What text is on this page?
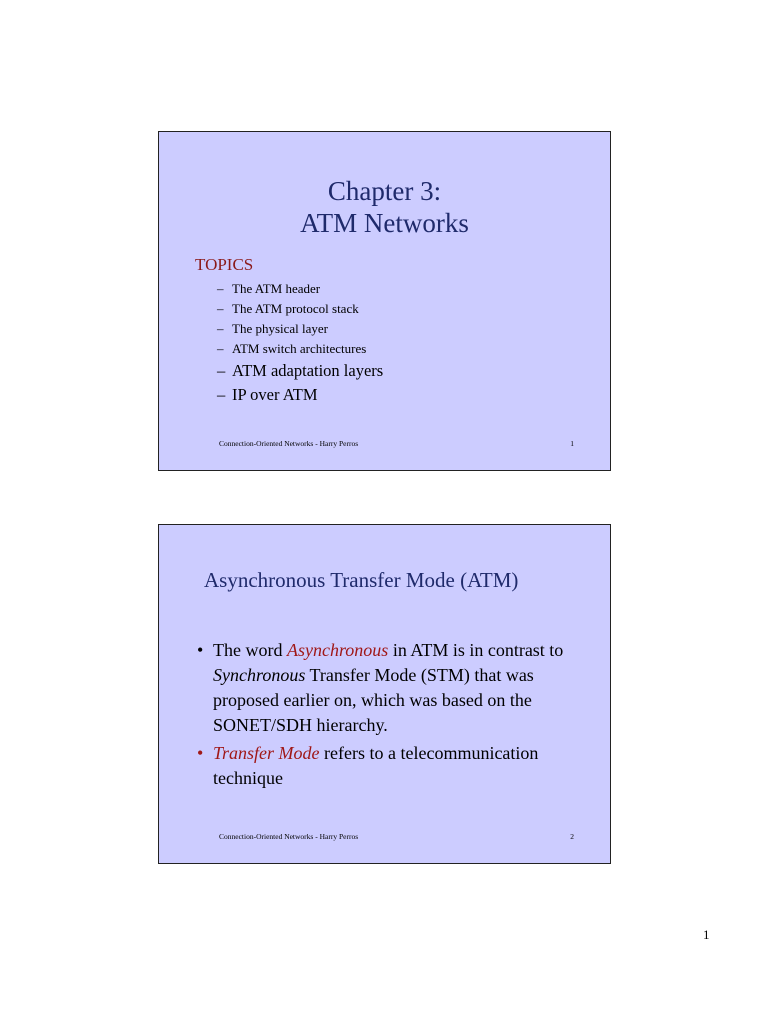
Chapter 3:
ATM Networks
TOPICS
– The ATM header
– The ATM protocol stack
– The physical layer
– ATM switch architectures
– ATM adaptation layers
– IP over ATM
Connection-Oriented Networks - Harry Perros	1
Asynchronous Transfer Mode (ATM)
• The word Asynchronous in ATM is in contrast to Synchronous Transfer Mode (STM) that was proposed earlier on, which was based on the SONET/SDH hierarchy.
• Transfer Mode refers to a telecommunication technique
Connection-Oriented Networks - Harry Perros	2
1
